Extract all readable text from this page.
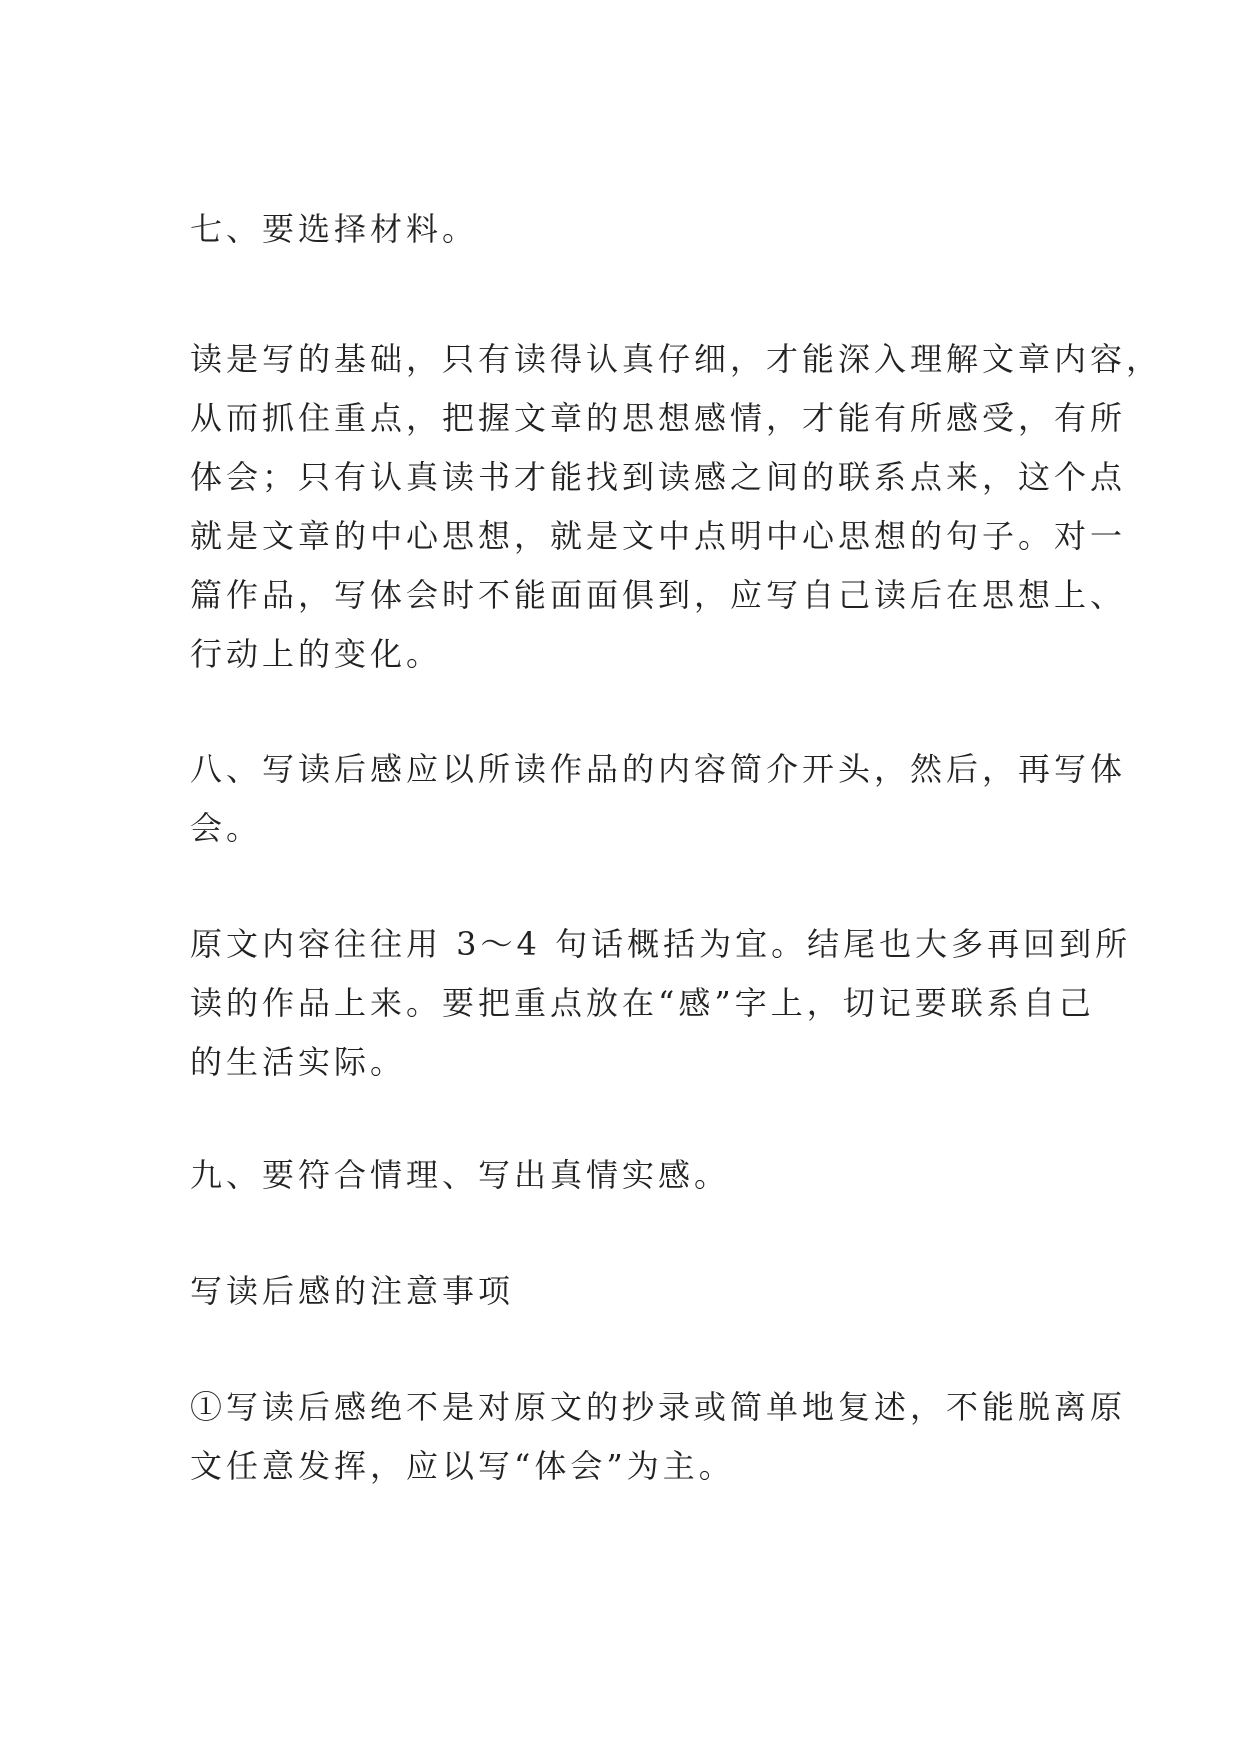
七、要选择材料。

读是写的基础，只有读得认真仔细，才能深入理解文章内容，
从而抓住重点，把握文章的思想感情，才能有所感受，有所
体会；只有认真读书才能找到读感之间的联系点来，这个点
就是文章的中心思想，就是文中点明中心思想的句子。对一
篇作品，写体会时不能面面俱到，应写自己读后在思想上、
行动上的变化。

八、写读后感应以所读作品的内容简介开头，然后，再写体
会。

原文内容往往用 3～4 句话概括为宜。结尾也大多再回到所
读的作品上来。要把重点放在“感”字上，切记要联系自己
的生活实际。

九、要符合情理、写出真情实感。

写读后感的注意事项

①写读后感绝不是对原文的抄录或简单地复述，不能脱离原
文任意发挥，应以写“体会”为主。
